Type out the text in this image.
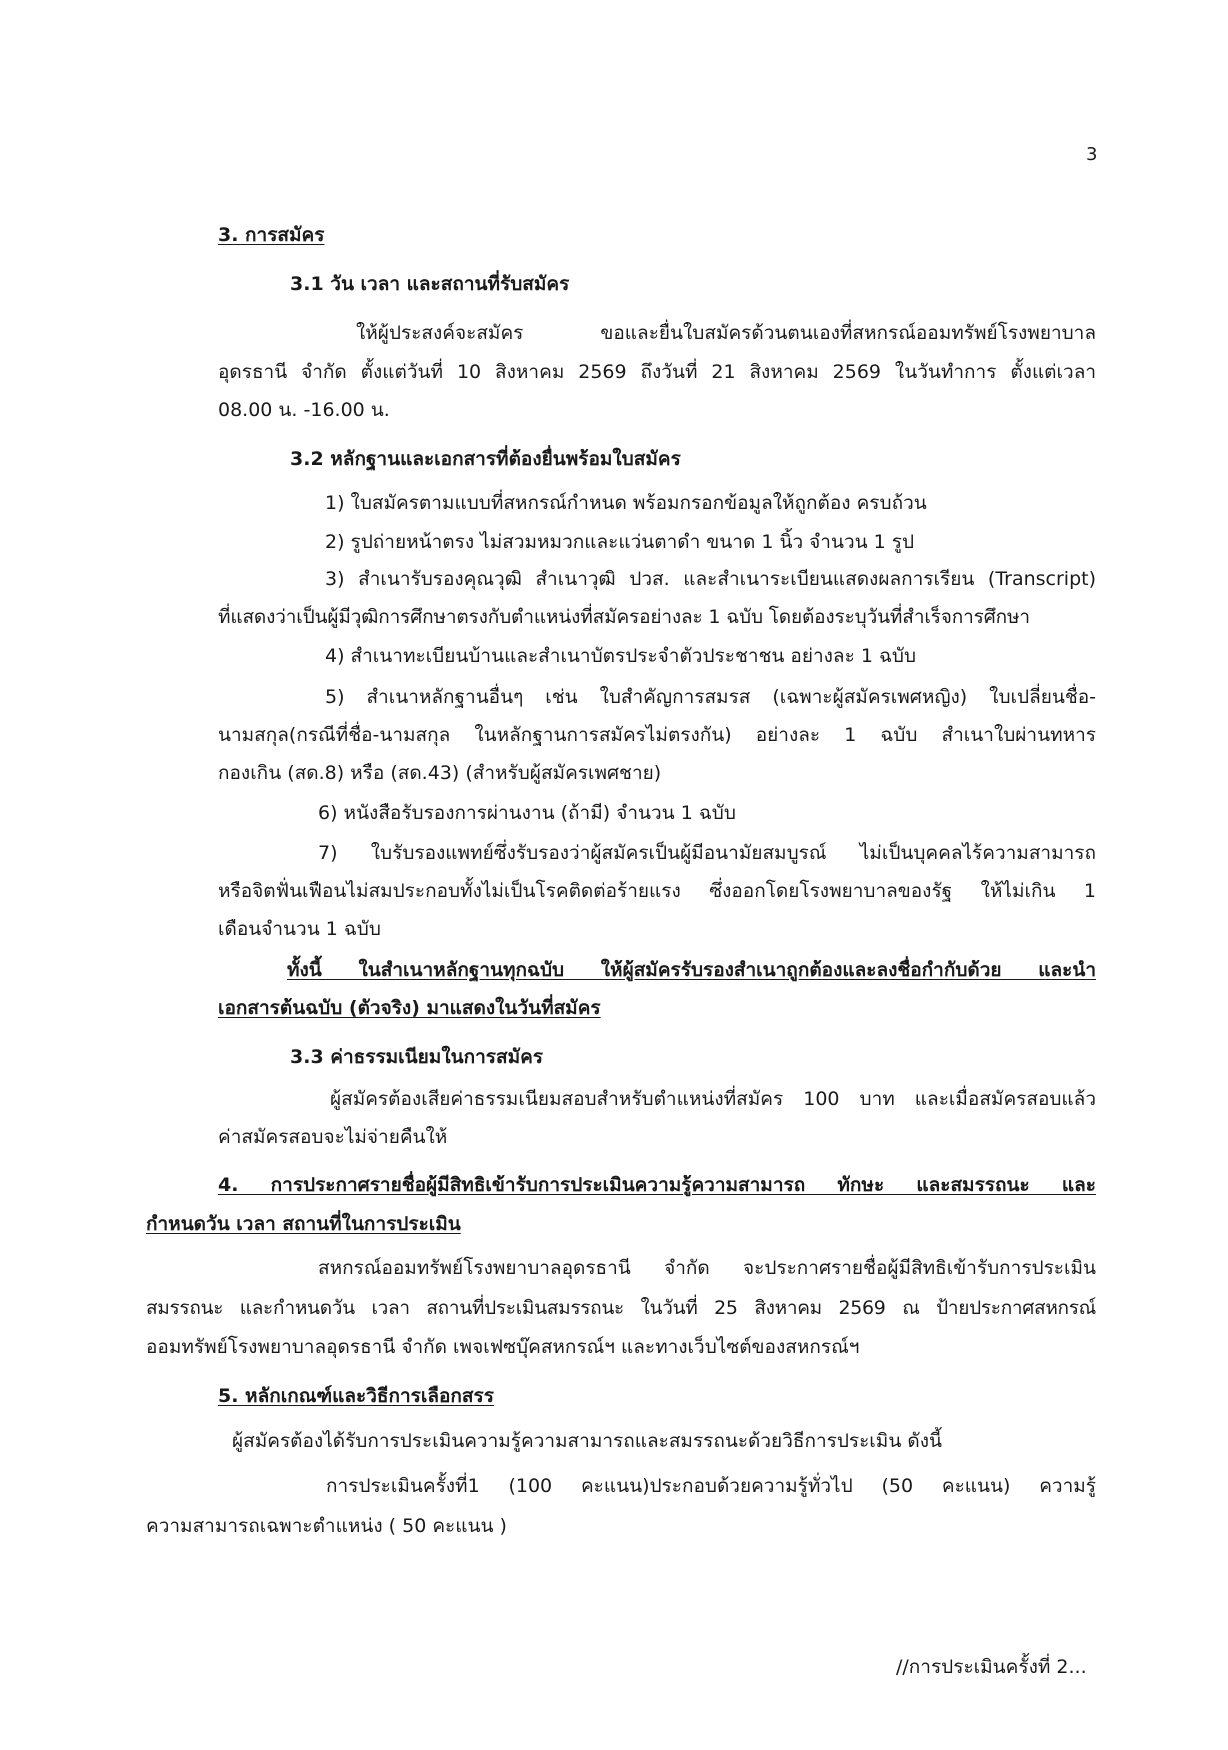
3
3. การสมัคร
3.1 วัน เวลา และสถานที่รับสมัคร
ให้ผู้ประสงค์จะสมัคร ขอและยื่นใบสมัครด้วนตนเองที่สหกรณ์ออมทรัพย์โรงพยาบาล
อุดรธานี จำกัด ตั้งแต่วันที่ 10 สิงหาคม 2569 ถึงวันที่ 21 สิงหาคม 2569 ในวันทำการ ตั้งแต่เวลา
08.00 น. -16.00 น.
3.2 หลักฐานและเอกสารที่ต้องยื่นพร้อมใบสมัคร
1) ใบสมัครตามแบบที่สหกรณ์กำหนด พร้อมกรอกข้อมูลให้ถูกต้อง ครบถ้วน
2) รูปถ่ายหน้าตรง ไม่สวมหมวกและแว่นตาดำ ขนาด 1 นิ้ว จำนวน 1 รูป
3) สำเนารับรองคุณวุฒิ สำเนาวุฒิ ปวส. และสำเนาระเบียนแสดงผลการเรียน (Transcript)
ที่แสดงว่าเป็นผู้มีวุฒิการศึกษาตรงกับตำแหน่งที่สมัครอย่างละ 1 ฉบับ โดยต้องระบุวันที่สำเร็จการศึกษา
4) สำเนาทะเบียนบ้านและสำเนาบัตรประจำตัวประชาชน อย่างละ 1 ฉบับ
5) สำเนาหลักฐานอื่นๆ เช่น ใบสำคัญการสมรส (เฉพาะผู้สมัครเพศหญิง) ใบเปลี่ยนชื่อ-
นามสกุล(กรณีที่ชื่อ-นามสกุล ในหลักฐานการสมัครไม่ตรงกัน) อย่างละ 1 ฉบับ สำเนาใบผ่านทหาร
กองเกิน (สด.8) หรือ (สด.43) (สำหรับผู้สมัครเพศชาย)
6) หนังสือรับรองการผ่านงาน (ถ้ามี) จำนวน 1 ฉบับ
7) ใบรับรองแพทย์ซึ่งรับรองว่าผู้สมัครเป็นผู้มีอนามัยสมบูรณ์ ไม่เป็นบุคคลไร้ความสามารถ
หรือจิตฟั่นเฟือนไม่สมประกอบทั้งไม่เป็นโรคติดต่อร้ายแรง ซึ่งออกโดยโรงพยาบาลของรัฐ ให้ไม่เกิน 1
เดือนจำนวน 1 ฉบับ
ทั้งนี้ ในสำเนาหลักฐานทุกฉบับ ให้ผู้สมัครรับรองสำเนาถูกต้องและลงชื่อกำกับด้วย และนำ
เอกสารต้นฉบับ (ตัวจริง) มาแสดงในวันที่สมัคร
3.3 ค่าธรรมเนียมในการสมัคร
ผู้สมัครต้องเสียค่าธรรมเนียมสอบสำหรับตำแหน่งที่สมัคร 100 บาท และเมื่อสมัครสอบแล้ว
ค่าสมัครสอบจะไม่จ่ายคืนให้
4. การประกาศรายชื่อผู้มีสิทธิเข้ารับการประเมินความรู้ความสามารถ ทักษะ และสมรรถนะ และ
กำหนดวัน เวลา สถานที่ในการประเมิน
สหกรณ์ออมทรัพย์โรงพยาบาลอุดรธานี จำกัด จะประกาศรายชื่อผู้มีสิทธิเข้ารับการประเมิน
สมรรถนะ และกำหนดวัน เวลา สถานที่ประเมินสมรรถนะ ในวันที่ 25 สิงหาคม 2569 ณ ป้ายประกาศสหกรณ์
ออมทรัพย์โรงพยาบาลอุดรธานี จำกัด เพจเฟซบุ๊คสหกรณ์ฯ และทางเว็บไซต์ของสหกรณ์ฯ
5. หลักเกณฑ์และวิธีการเลือกสรร
ผู้สมัครต้องได้รับการประเมินความรู้ความสามารถและสมรรถนะด้วยวิธีการประเมิน ดังนี้
การประเมินครั้งที่1 (100 คะแนน)ประกอบด้วยความรู้ทั่วไป (50 คะแนน) ความรู้
ความสามารถเฉพาะตำแหน่ง ( 50 คะแนน )
//การประเมินครั้งที่ 2...
